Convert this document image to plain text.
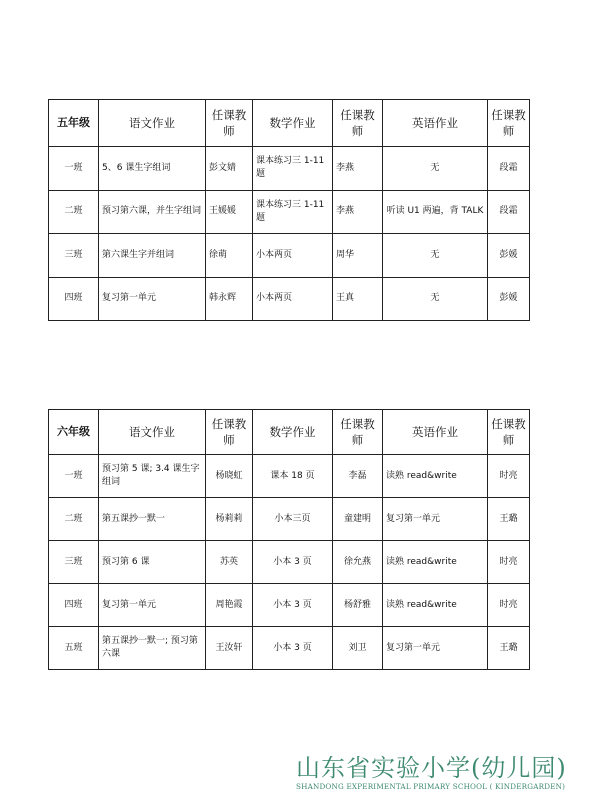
五年级	语文作业	任课教师	数学作业	任课教师	英语作业	任课教师
一班	5、6 课生字组词	彭文婧	课本练习三 1-11 题	李燕	无	段霜
二班	预习第六课，并生字组词	王媛媛	课本练习三 1-11 题	李燕	听读 U1 两遍，背 TALK	段霜
三班	第六课生字并组词	徐萌	小本两页	周华	无	彭媛
四班	复习第一单元	韩永辉	小本两页	王真	无	彭媛
六年级	语文作业	任课教师	数学作业	任课教师	英语作业	任课教师
一班	预习第 5 课; 3.4 课生字组词	杨晓虹	课本 18 页	李磊	读熟 read&write	时亮
二班	第五课抄一默一	杨莉莉	小本三页	童建明	复习第一单元	王璐
三班	预习第 6 课	苏英	小本 3 页	徐允燕	读熟 read&write	时亮
四班	复习第一单元	周艳霞	小本 3 页	杨舒雅	读熟 read&write	时亮
五班	第五课抄一默一; 预习第六课	王汝轩	小本 3 页	刘卫	复习第一单元	王璐
山东省实验小学(幼儿园)
SHANDONG EXPERIMENTAL PRIMARY SCHOOL ( KINDERGARDEN)
